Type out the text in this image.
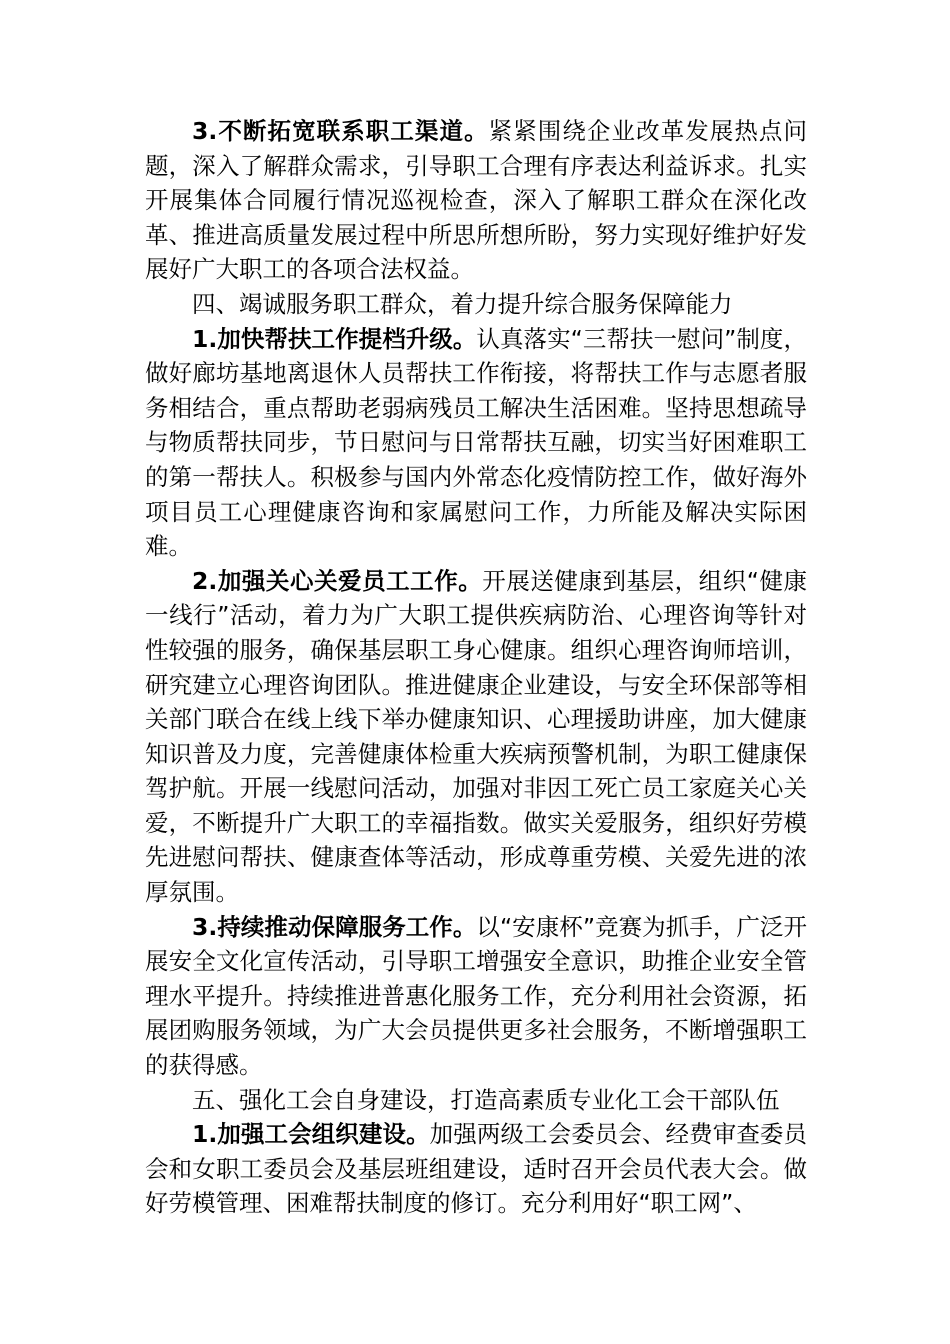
3.不断拓宽联系职工渠道。紧紧围绕企业改革发展热点问题，深入了解群众需求，引导职工合理有序表达利益诉求。扎实开展集体合同履行情况巡视检查，深入了解职工群众在深化改革、推进高质量发展过程中所思所想所盼，努力实现好维护好发展好广大职工的各项合法权益。

四、竭诚服务职工群众，着力提升综合服务保障能力

1.加快帮扶工作提档升级。认真落实“三帮扶一慰问”制度，做好廊坊基地离退休人员帮扶工作衔接，将帮扶工作与志愿者服务相结合，重点帮助老弱病残员工解决生活困难。坚持思想疏导与物质帮扶同步，节日慰问与日常帮扶互融，切实当好困难职工的第一帮扶人。积极参与国内外常态化疫情防控工作，做好海外项目员工心理健康咨询和家属慰问工作，力所能及解决实际困难。

2.加强关心关爱员工工作。开展送健康到基层，组织“健康一线行”活动，着力为广大职工提供疾病防治、心理咨询等针对性较强的服务，确保基层职工身心健康。组织心理咨询师培训，研究建立心理咨询团队。推进健康企业建设，与安全环保部等相关部门联合在线上线下举办健康知识、心理援助讲座，加大健康知识普及力度，完善健康体检重大疾病预警机制，为职工健康保驾护航。开展一线慰问活动，加强对非因工死亡员工家庭关心关爱，不断提升广大职工的幸福指数。做实关爱服务，组织好劳模先进慰问帮扶、健康查体等活动，形成尊重劳模、关爱先进的浓厚氛围。

3.持续推动保障服务工作。以“安康杯”竞赛为抓手，广泛开展安全文化宣传活动，引导职工增强安全意识，助推企业安全管理水平提升。持续推进普惠化服务工作，充分利用社会资源，拓展团购服务领域，为广大会员提供更多社会服务，不断增强职工的获得感。

五、强化工会自身建设，打造高素质专业化工会干部队伍

1.加强工会组织建设。加强两级工会委员会、经费审查委员会和女职工委员会及基层班组建设，适时召开会员代表大会。做好劳模管理、困难帮扶制度的修订。充分利用好“职工网”、
